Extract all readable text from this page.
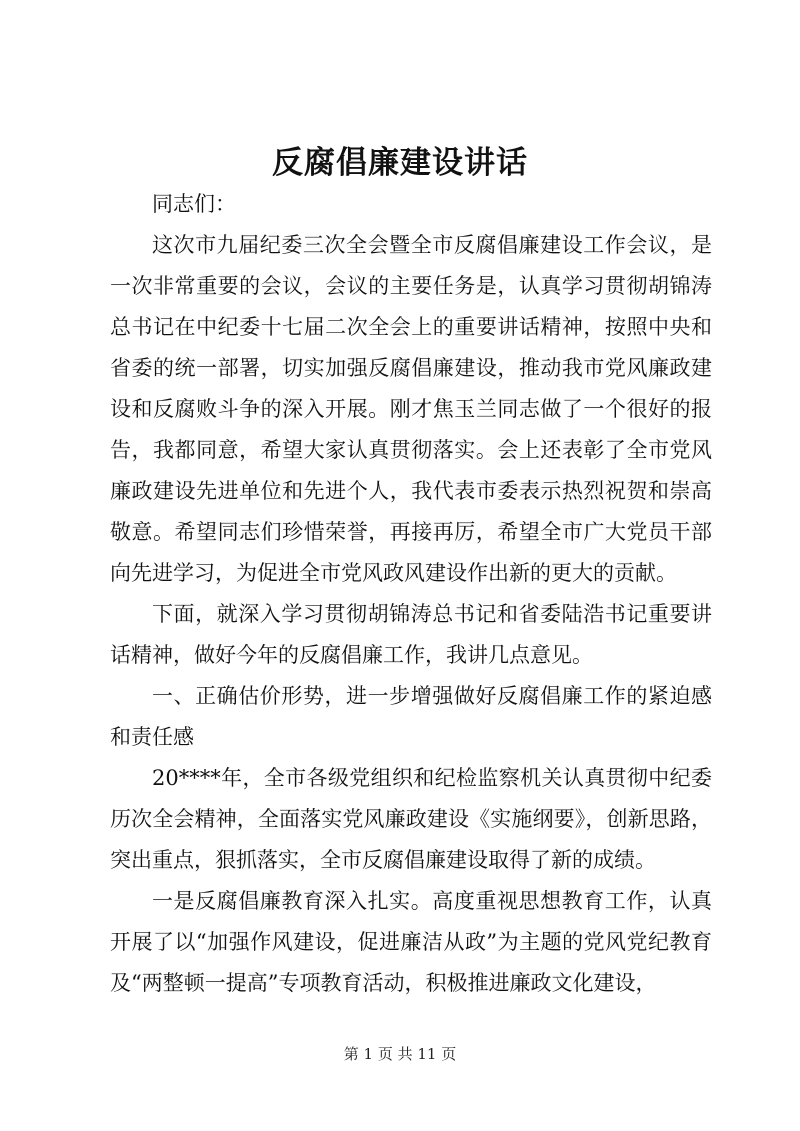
反腐倡廉建设讲话

同志们：

这次市九届纪委三次全会暨全市反腐倡廉建设工作会议，是一次非常重要的会议，会议的主要任务是，认真学习贯彻胡锦涛总书记在中纪委十七届二次全会上的重要讲话精神，按照中央和省委的统一部署，切实加强反腐倡廉建设，推动我市党风廉政建设和反腐败斗争的深入开展。刚才焦玉兰同志做了一个很好的报告，我都同意，希望大家认真贯彻落实。会上还表彰了全市党风廉政建设先进单位和先进个人，我代表市委表示热烈祝贺和崇高敬意。希望同志们珍惜荣誉，再接再厉，希望全市广大党员干部向先进学习，为促进全市党风政风建设作出新的更大的贡献。

下面，就深入学习贯彻胡锦涛总书记和省委陆浩书记重要讲话精神，做好今年的反腐倡廉工作，我讲几点意见。

一、正确估价形势，进一步增强做好反腐倡廉工作的紧迫感和责任感

20****年，全市各级党组织和纪检监察机关认真贯彻中纪委历次全会精神，全面落实党风廉政建设《实施纲要》，创新思路，突出重点，狠抓落实，全市反腐倡廉建设取得了新的成绩。

一是反腐倡廉教育深入扎实。高度重视思想教育工作，认真开展了以“加强作风建设，促进廉洁从政”为主题的党风党纪教育及“两整顿一提高”专项教育活动，积极推进廉政文化建设，

第 1 页 共 11 页
